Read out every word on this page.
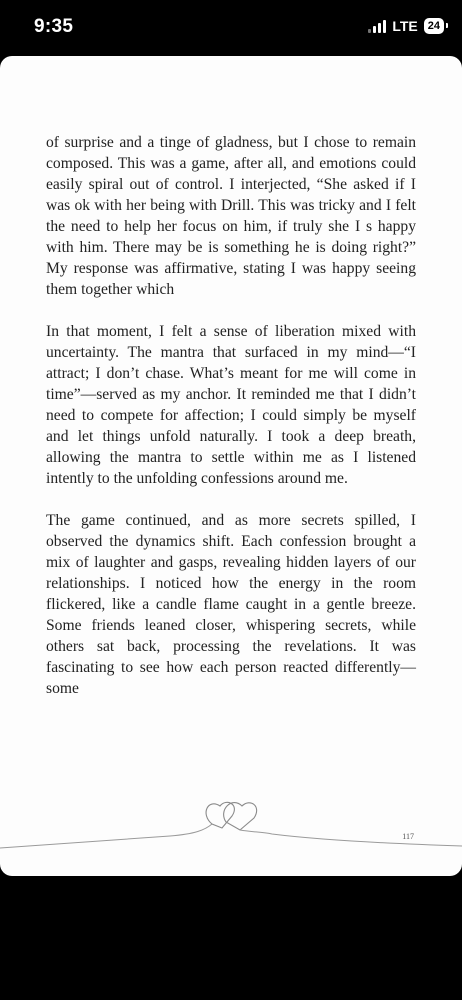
9:35	LTE 24

of surprise and a tinge of gladness, but I chose to remain composed. This was a game, after all, and emotions could easily spiral out of control. I interjected, “She asked if I was ok with her being with Drill. This was tricky and I felt the need to help her focus on him, if truly she I s happy with him. There may be is something he is doing right?” My response was affirmative, stating I was happy seeing them together which

In that moment, I felt a sense of liberation mixed with uncertainty. The mantra that surfaced in my mind—“I attract; I don’t chase. What’s meant for me will come in time”—served as my anchor. It reminded me that I didn’t need to compete for affection; I could simply be myself and let things unfold naturally. I took a deep breath, allowing the mantra to settle within me as I listened intently to the unfolding confessions around me.

The game continued, and as more secrets spilled, I observed the dynamics shift. Each confession brought a mix of laughter and gasps, revealing hidden layers of our relationships. I noticed how the energy in the room flickered, like a candle flame caught in a gentle breeze. Some friends leaned closer, whispering secrets, while others sat back, processing the revelations. It was fascinating to see how each person reacted differently—some

117
